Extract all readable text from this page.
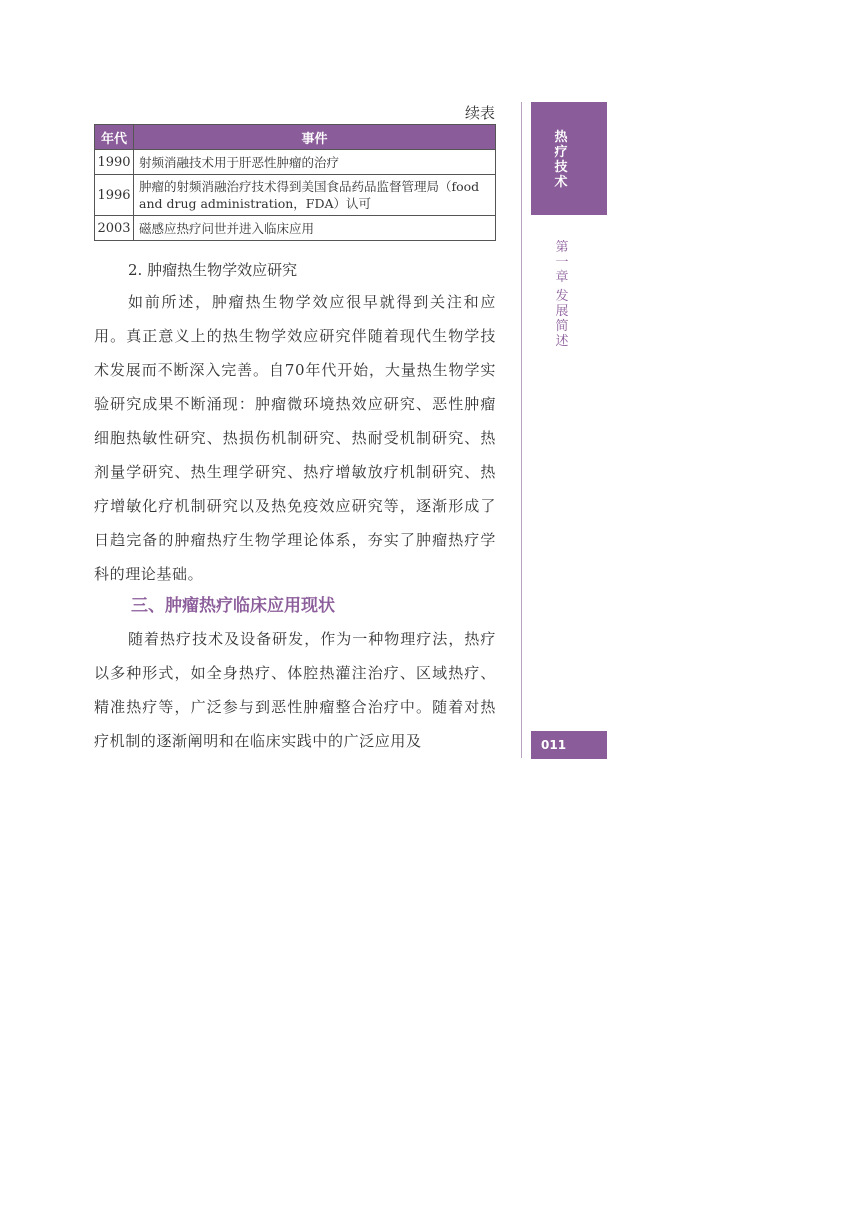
续表
年代	事件
1990	射频消融技术用于肝恶性肿瘤的治疗
1996	肿瘤的射频消融治疗技术得到美国食品药品监督管理局（food and drug administration，FDA）认可
2003	磁感应热疗问世并进入临床应用
2. 肿瘤热生物学效应研究

如前所述，肿瘤热生物学效应很早就得到关注和应用。真正意义上的热生物学效应研究伴随着现代生物学技术发展而不断深入完善。自70年代开始，大量热生物学实验研究成果不断涌现：肿瘤微环境热效应研究、恶性肿瘤细胞热敏性研究、热损伤机制研究、热耐受机制研究、热剂量学研究、热生理学研究、热疗增敏放疗机制研究、热疗增敏化疗机制研究以及热免疫效应研究等，逐渐形成了日趋完备的肿瘤热疗生物学理论体系，夯实了肿瘤热疗学科的理论基础。

三、肿瘤热疗临床应用现状

随着热疗技术及设备研发，作为一种物理疗法，热疗以多种形式，如全身热疗、体腔热灌注治疗、区域热疗、精准热疗等，广泛参与到恶性肿瘤整合治疗中。随着对热疗机制的逐渐阐明和在临床实践中的广泛应用及

热疗技术
第一章
发展简述
011
